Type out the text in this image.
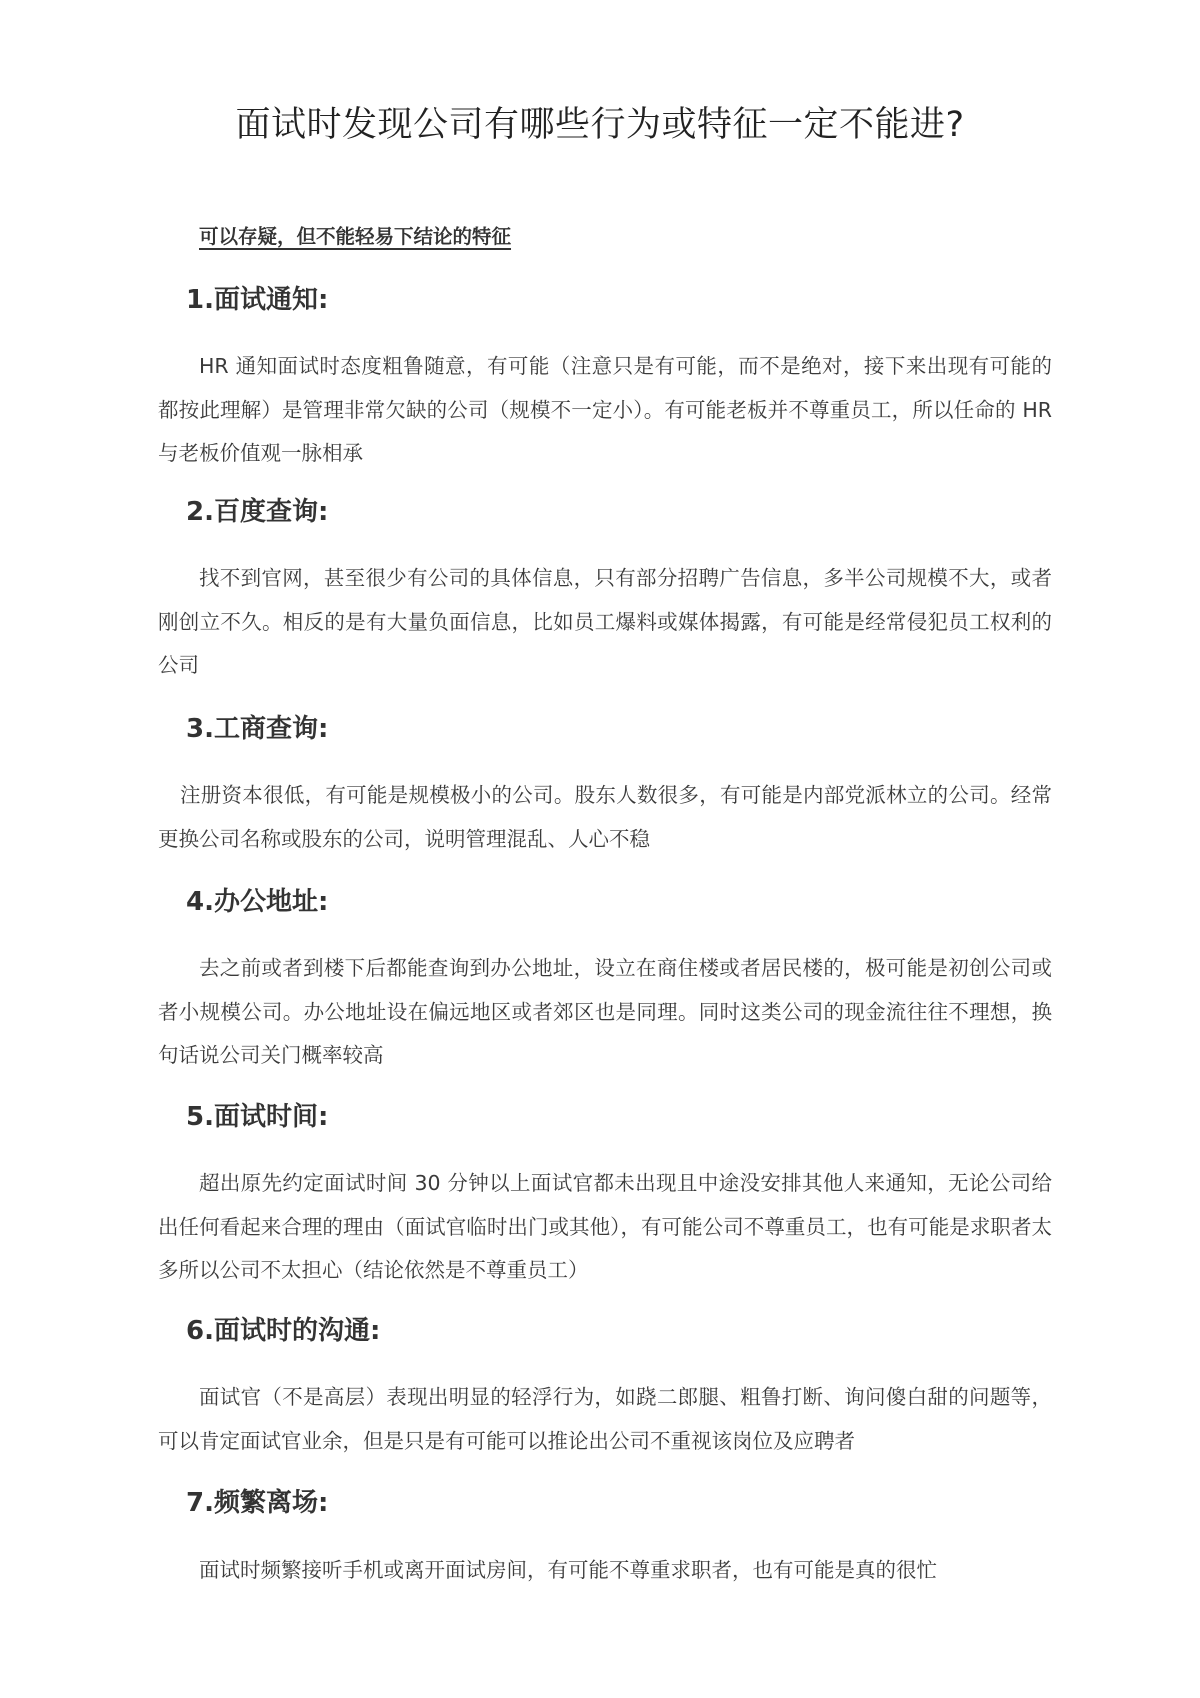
面试时发现公司有哪些行为或特征一定不能进?

可以存疑，但不能轻易下结论的特征

1.面试通知:

HR 通知面试时态度粗鲁随意，有可能（注意只是有可能，而不是绝对，接下来出现有可能的都按此理解）是管理非常欠缺的公司（规模不一定小）。有可能老板并不尊重员工，所以任命的 HR 与老板价值观一脉相承

2.百度查询:

找不到官网，甚至很少有公司的具体信息，只有部分招聘广告信息，多半公司规模不大，或者刚创立不久。相反的是有大量负面信息，比如员工爆料或媒体揭露，有可能是经常侵犯员工权利的公司

3.工商查询:

注册资本很低，有可能是规模极小的公司。股东人数很多，有可能是内部党派林立的公司。经常更换公司名称或股东的公司，说明管理混乱、人心不稳

4.办公地址:

去之前或者到楼下后都能查询到办公地址，设立在商住楼或者居民楼的，极可能是初创公司或者小规模公司。办公地址设在偏远地区或者郊区也是同理。同时这类公司的现金流往往不理想，换句话说公司关门概率较高

5.面试时间:

超出原先约定面试时间 30 分钟以上面试官都未出现且中途没安排其他人来通知，无论公司给出任何看起来合理的理由（面试官临时出门或其他），有可能公司不尊重员工，也有可能是求职者太多所以公司不太担心（结论依然是不尊重员工）

6.面试时的沟通:

面试官（不是高层）表现出明显的轻浮行为，如跷二郎腿、粗鲁打断、询问傻白甜的问题等，可以肯定面试官业余，但是只是有可能可以推论出公司不重视该岗位及应聘者

7.频繁离场:

面试时频繁接听手机或离开面试房间，有可能不尊重求职者，也有可能是真的很忙
